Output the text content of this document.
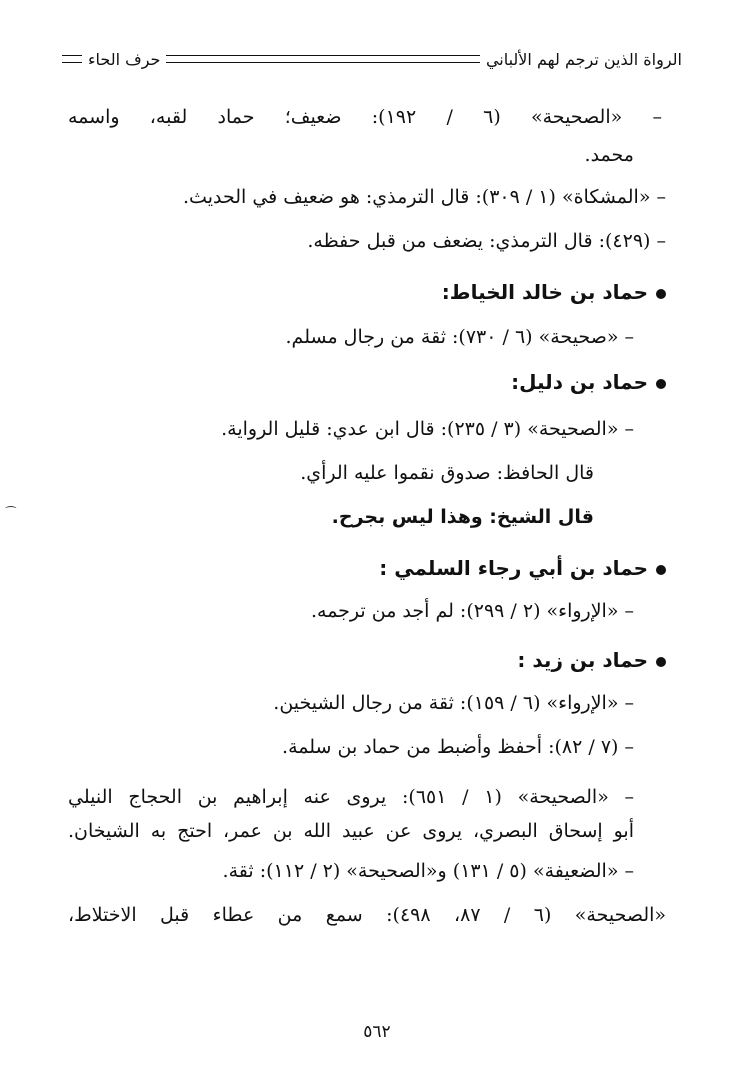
الرواة الذين ترجم لهم الألباني
حرف الحاء
– «الصحيحة» (٦ / ١٩٢): ضعيف؛ حماد لقبه، واسمه
محمد.
– «المشكاة» (١ / ٣٠٩): قال الترمذي: هو ضعيف في الحديث.
– (٤٢٩): قال الترمذي: يضعف من قبل حفظه.
حماد بن خالد الخياط:
– «صحيحة» (٦ / ٧٣٠): ثقة من رجال مسلم.
حماد بن دليل:
– «الصحيحة» (٣ / ٢٣٥): قال ابن عدي: قليل الرواية.
قال الحافظ: صدوق نقموا عليه الرأي.
قال الشيخ: وهذا ليس بجرح.
حماد بن أبي رجاء السلمي :
– «الإرواء» (٢ / ٢٩٩): لم أجد من ترجمه.
حماد بن زيد :
– «الإرواء» (٦ / ١٥٩): ثقة من رجال الشيخين.
– (٧ / ٨٢): أحفظ وأضبط من حماد بن سلمة.
– «الصحيحة» (١ / ٦٥١): يروى عنه إبراهيم بن الحجاج النيلي
أبو إسحاق البصري، يروى عن عبيد الله بن عمر، احتج به الشيخان.
– «الضعيفة» (٥ / ١٣١) و«الصحيحة» (٢ / ١١٢): ثقة.
«الصحيحة» (٦ / ٨٧، ٤٩٨): سمع من عطاء قبل الاختلاط،
⁔
٥٦٢
